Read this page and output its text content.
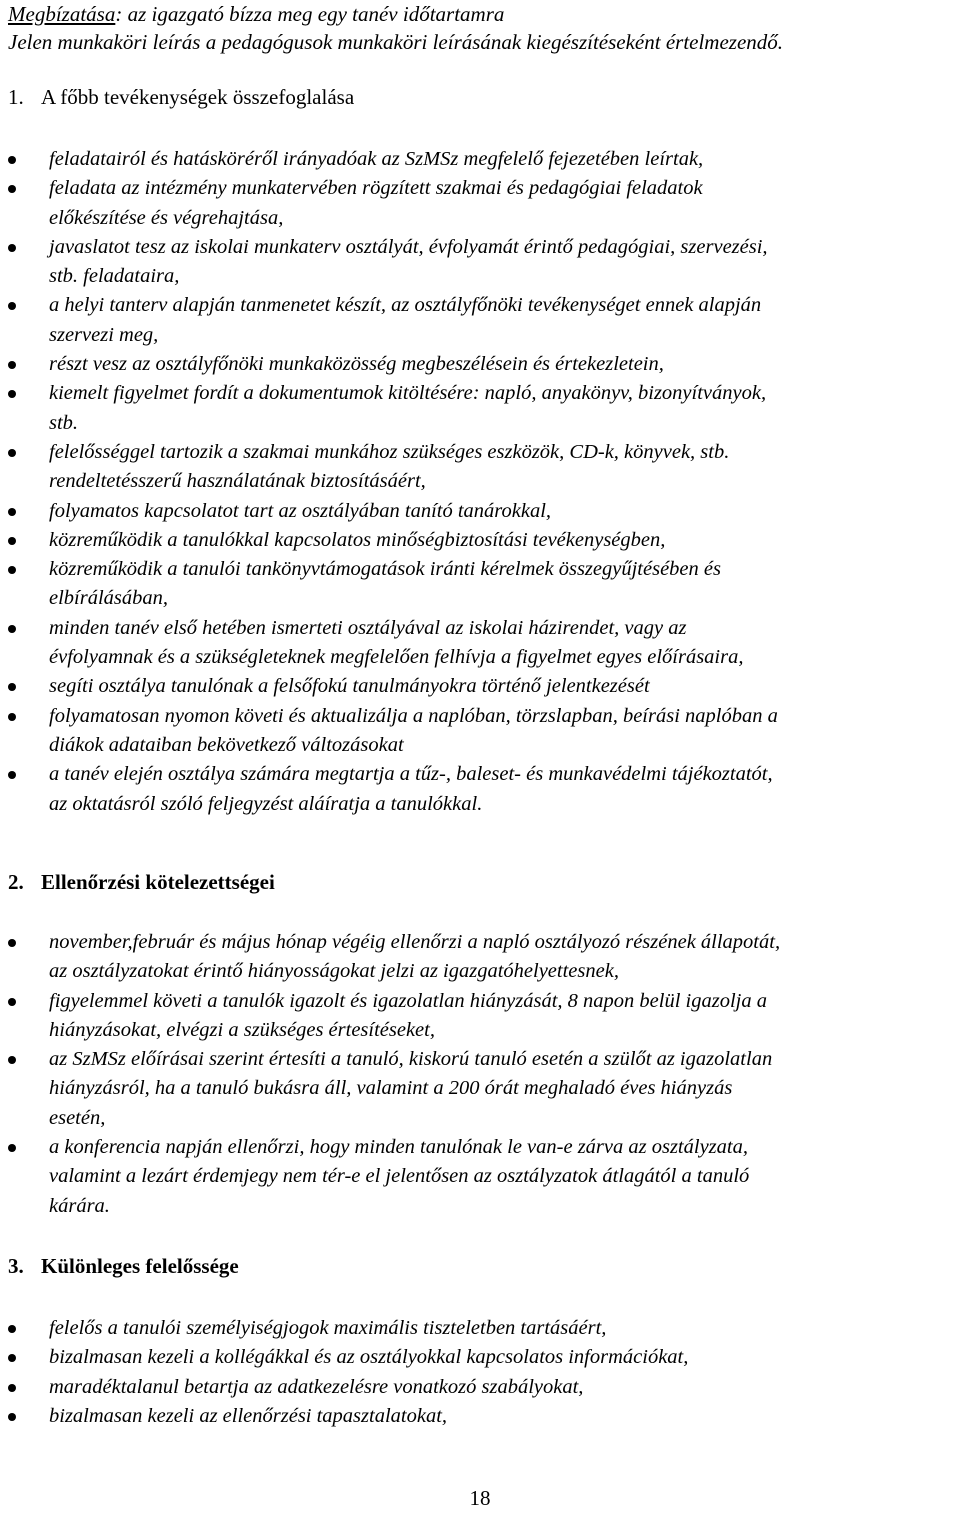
Megbízatása: az igazgató bízza meg egy tanév időtartamra
Jelen munkaköri leírás a pedagógusok munkaköri leírásának kiegészítéseként értelmezendő.
1. A főbb tevékenységek összefoglalása
feladatairól és hatásköréről irányadóak az SzMSz megfelelő fejezetében leírtak,
feladata az intézmény munkatervében rögzített szakmai és pedagógiai feladatok
előkészítése és végrehajtása,
javaslatot tesz az iskolai munkaterv osztályát, évfolyamát érintő pedagógiai, szervezési,
stb. feladataira,
a helyi tanterv alapján tanmenetet készít, az osztályfőnöki tevékenységet ennek alapján
szervezi meg,
részt vesz az osztályfőnöki munkaközösség megbeszélésein és értekezletein,
kiemelt figyelmet fordít a dokumentumok kitöltésére: napló, anyakönyv, bizonyítványok,
stb.
felelősséggel tartozik a szakmai munkához szükséges eszközök, CD-k, könyvek, stb.
rendeltetésszerű használatának biztosításáért,
folyamatos kapcsolatot tart az osztályában tanító tanárokkal,
közreműködik a tanulókkal kapcsolatos minőségbiztosítási tevékenységben,
közreműködik a tanulói tankönyvtámogatások iránti kérelmek összegyűjtésében és
elbírálásában,
minden tanév első hetében ismerteti osztályával az iskolai házirendet, vagy az
évfolyamnak és a szükségleteknek megfelelően felhívja a figyelmet egyes előírásaira,
segíti osztálya tanulónak a felsőfokú tanulmányokra történő jelentkezését
folyamatosan nyomon követi és aktualizálja a naplóban, törzslapban, beírási naplóban a
diákok adataiban bekövetkező változásokat
a tanév elején osztálya számára megtartja a tűz-, baleset- és munkavédelmi tájékoztatót,
az oktatásról szóló feljegyzést aláíratja a tanulókkal.
2. Ellenőrzési kötelezettségei
november,február és május hónap végéig ellenőrzi a napló osztályozó részének állapotát,
az osztályzatokat érintő hiányosságokat jelzi az igazgatóhelyettesnek,
figyelemmel követi a tanulók igazolt és igazolatlan hiányzását, 8 napon belül igazolja a
hiányzásokat, elvégzi a szükséges értesítéseket,
az SzMSz előírásai szerint értesíti a tanuló, kiskorú tanuló esetén a szülőt az igazolatlan
hiányzásról, ha a tanuló bukásra áll, valamint a 200 órát meghaladó éves hiányzás
esetén,
a konferencia napján ellenőrzi, hogy minden tanulónak le van-e zárva az osztályzata,
valamint a lezárt érdemjegy nem tér-e el jelentősen az osztályzatok átlagától a tanuló
kárára.
3. Különleges felelőssége
felelős a tanulói személyiségjogok maximális tiszteletben tartásáért,
bizalmasan kezeli a kollégákkal és az osztályokkal kapcsolatos információkat,
maradéktalanul betartja az adatkezelésre vonatkozó szabályokat,
bizalmasan kezeli az ellenőrzési tapasztalatokat,
18
